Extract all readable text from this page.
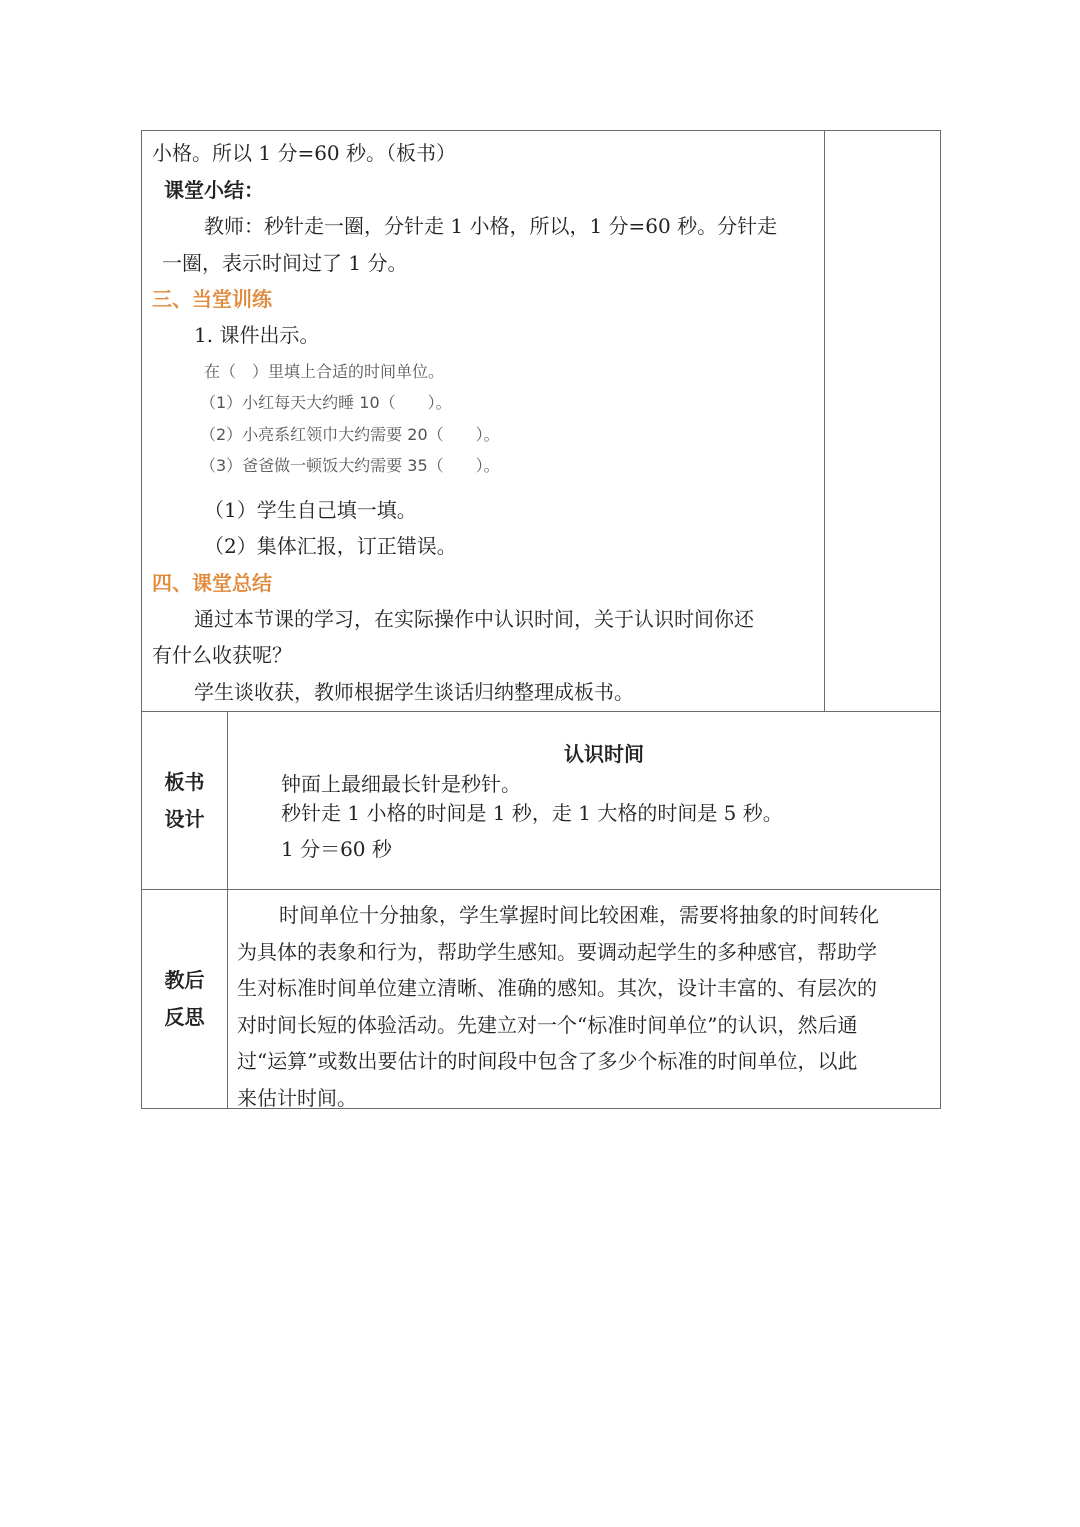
小格。所以 1 分=60 秒。（板书）
课堂小结：
教师：秒针走一圈，分针走 1 小格，所以，1 分=60 秒。分针走
一圈，表示时间过了 1 分。
三、当堂训练
1. 课件出示。
在（　）里填上合适的时间单位。
（1）小红每天大约睡 10（　　）。
（2）小亮系红领巾大约需要 20（　　）。
（3）爸爸做一顿饭大约需要 35（　　）。
（1）学生自己填一填。
（2）集体汇报，订正错误。
四、课堂总结
通过本节课的学习，在实际操作中认识时间，关于认识时间你还
有什么收获呢？
学生谈收获，教师根据学生谈话归纳整理成板书。
板书
设计
认识时间
钟面上最细最长针是秒针。
秒针走 1 小格的时间是 1 秒，走 1 大格的时间是 5 秒。
1 分＝60 秒
教后
反思
时间单位十分抽象，学生掌握时间比较困难，需要将抽象的时间转化
为具体的表象和行为，帮助学生感知。要调动起学生的多种感官，帮助学
生对标准时间单位建立清晰、准确的感知。其次，设计丰富的、有层次的
对时间长短的体验活动。先建立对一个“标准时间单位”的认识，然后通
过“运算”或数出要估计的时间段中包含了多少个标准的时间单位，以此
来估计时间。
